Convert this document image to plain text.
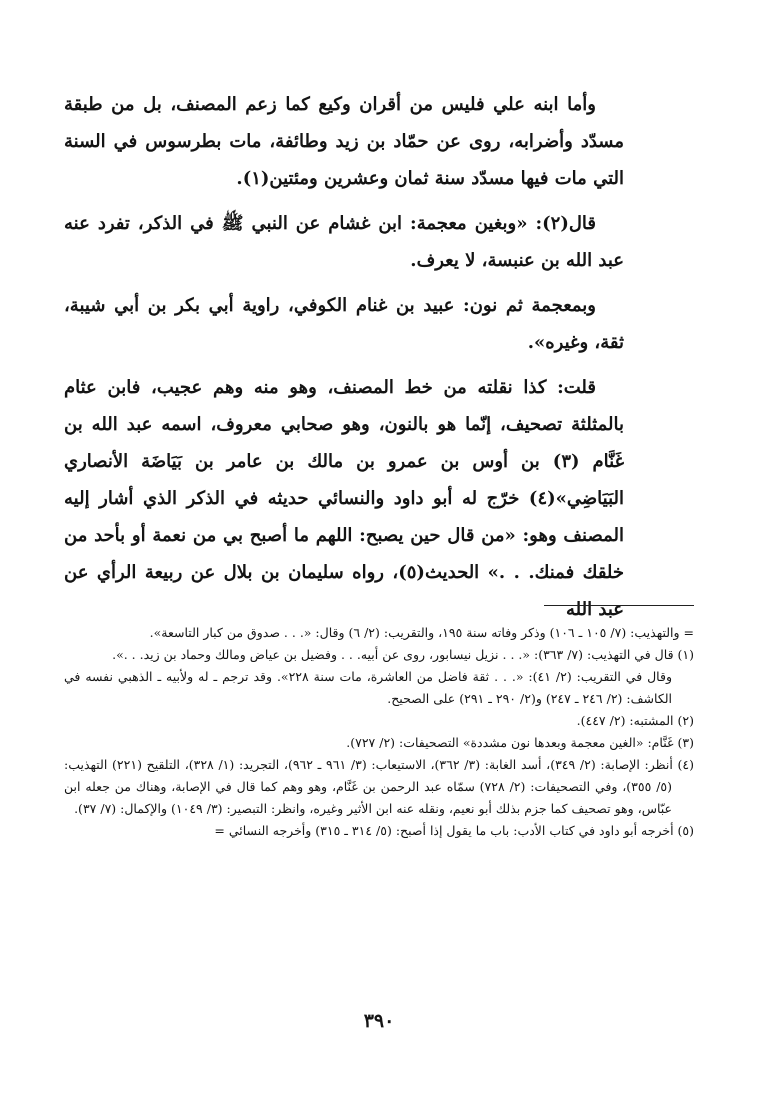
وأما ابنه علي فليس من أقران وكيع كما زعم المصنف، بل من طبقة مسدّد وأضرابه، روى عن حمّاد بن زيد وطائفة، مات بطرسوس في السنة التي مات فيها مسدّد سنة ثمان وعشرين ومئتين(١).

قال(٢): «وبغين معجمة: ابن غشام عن النبي ﷺ في الذكر، تفرد عنه عبد الله بن عنبسة، لا يعرف.

وبمعجمة ثم نون: عبيد بن غنام الكوفي، راوية أبي بكر بن أبي شيبة، ثقة، وغيره».

قلت: كذا نقلته من خط المصنف، وهو منه وهم عجيب، فابن عثام بالمثلثة تصحيف، إنّما هو بالنون، وهو صحابي معروف، اسمه عبد الله بن غَنَّام (٣) بن أوس بن عمرو بن مالك بن عامر بن بَيَاضَة الأنصاري البَيَاضِي»(٤) خرّج له أبو داود والنسائي حديثه في الذكر الذي أشار إليه المصنف وهو: «من قال حين يصبح: اللهم ما أصبح بي من نعمة أو بأحد من خلقك فمنك. . .» الحديث(٥)، رواه سليمان بن بلال عن ربيعة الرأي عن عبد الله

= والتهذيب: (٧/ ١٠٥ ـ ١٠٦) وذكر وفاته سنة ١٩٥، والتقريب: (٢/ ٦) وقال: «. . . صدوق من كبار التاسعة».

(١) قال في التهذيب: (٧/ ٣٦٣): «. . . نزيل نيسابور، روى عن أبيه. . . وفضيل بن عياض ومالك وحماد بن زيد. . .».

وقال في التقريب: (٢/ ٤١): «. . . ثقة فاضل من العاشرة، مات سنة ٢٢٨». وقد ترجم ـ له ولأبيه ـ الذهبي نفسه في الكاشف: (٢/ ٢٤٦ ـ ٢٤٧) و(٢/ ٢٩٠ ـ ٢٩١) على الصحيح.

(٢) المشتبه: (٢/ ٤٤٧).

(٣) غَنَّام: «الغين معجمة وبعدها نون مشددة» التصحيفات: (٢/ ٧٢٧).

(٤) أنظر: الإصابة: (٢/ ٣٤٩)، أسد الغابة: (٣/ ٣٦٢)، الاستيعاب: (٣/ ٩٦١ ـ ٩٦٢)، التجريد: (١/ ٣٢٨)، التلقيح (٢٢١) التهذيب: (٥/ ٣٥٥)، وفي التصحيفات: (٢/ ٧٢٨) سمّاه عبد الرحمن بن غَنَّام، وهو وهم كما قال في الإصابة، وهناك من جعله ابن عبّاس، وهو تصحيف كما جزم بذلك أبو نعيم، ونقله عنه ابن الأثير وغيره، وانظر: التبصير: (٣/ ١٠٤٩) والإكمال: (٧/ ٣٧).

(٥) أخرجه أبو داود في كتاب الأدب: باب ما يقول إذا أصبح: (٥/ ٣١٤ ـ ٣١٥) وأخرجه النسائي =

٣٩٠
